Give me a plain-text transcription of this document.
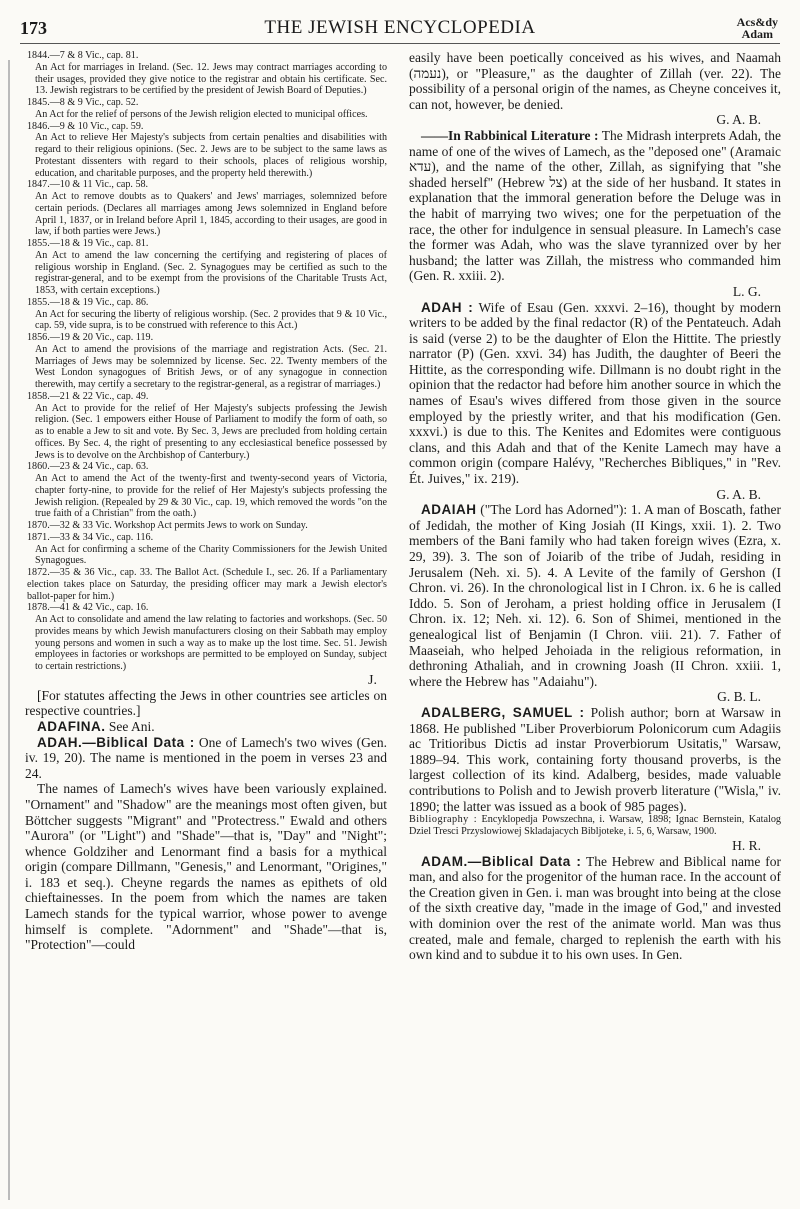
173	THE JEWISH ENCYCLOPEDIA	Acs&dy
Adam
1844.—7 & 8 Vic., cap. 81.
An Act for marriages in Ireland. (Sec. 12. Jews may contract marriages according to their usages, provided they give notice to the registrar and obtain his certificate. Sec. 13. Jewish registrars to be certified by the president of Jewish Board of Deputies.)
1845.—8 & 9 Vic., cap. 52.
An Act for the relief of persons of the Jewish religion elected to municipal offices.
1846.—9 & 10 Vic., cap. 59.
An Act to relieve Her Majesty's subjects from certain penalties and disabilities with regard to their religious opinions. (Sec. 2. Jews are to be subject to the same laws as Protestant dissenters with regard to their schools, places of religious worship, education, and charitable purposes, and the property held therewith.)
1847.—10 & 11 Vic., cap. 58.
An Act to remove doubts as to Quakers' and Jews' marriages, solemnized before certain periods. (Declares all marriages among Jews solemnized in England before April 1, 1837, or in Ireland before April 1, 1845, according to their usages, are good in law, if both parties were Jews.)
1855.—18 & 19 Vic., cap. 81.
An Act to amend the law concerning the certifying and registering of places of religious worship in England. (Sec. 2. Synagogues may be certified as such to the registrar-general, and to be exempt from the provisions of the Charitable Trusts Act, 1853, with certain exceptions.)
1855.—18 & 19 Vic., cap. 86.
An Act for securing the liberty of religious worship. (Sec. 2 provides that 9 & 10 Vic., cap. 59, vide supra, is to be construed with reference to this Act.)
1856.—19 & 20 Vic., cap. 119.
An Act to amend the provisions of the marriage and registration Acts. (Sec. 21. Marriages of Jews may be solemnized by license. Sec. 22. Twenty members of the West London synagogues of British Jews, or of any synagogue in connection therewith, may certify a secretary to the registrar-general, as a registrar of marriages.)
1858.—21 & 22 Vic., cap. 49.
An Act to provide for the relief of Her Majesty's subjects professing the Jewish religion. (Sec. 1 empowers either House of Parliament to modify the form of oath, so as to enable a Jew to sit and vote. By Sec. 3, Jews are precluded from holding certain offices. By Sec. 4, the right of presenting to any ecclesiastical benefice possessed by Jews is to devolve on the Archbishop of Canterbury.)
1860.—23 & 24 Vic., cap. 63.
An Act to amend the Act of the twenty-first and twenty-second years of Victoria, chapter forty-nine, to provide for the relief of Her Majesty's subjects professing the Jewish religion. (Repealed by 29 & 30 Vic., cap. 19, which removed the words "on the true faith of a Christian" from the oath.)
1870.—32 & 33 Vic. Workshop Act permits Jews to work on Sunday.
1871.—33 & 34 Vic., cap. 116.
An Act for confirming a scheme of the Charity Commissioners for the Jewish United Synagogues.
1872.—35 & 36 Vic., cap. 33. The Ballot Act. (Schedule I., sec. 26. If a Parliamentary election takes place on Saturday, the presiding officer may mark a Jewish elector's ballot-paper for him.)
1878.—41 & 42 Vic., cap. 16.
An Act to consolidate and amend the law relating to factories and workshops. (Sec. 50 provides means by which Jewish manufacturers closing on their Sabbath may employ young persons and women in such a way as to make up the lost time. Sec. 51. Jewish employees in factories or workshops are permitted to be employed on Sunday, subject to certain restrictions.)
J.

[For statutes affecting the Jews in other countries see articles on respective countries.]

ADAFINA. See Ani.

ADAH.—Biblical Data : One of Lamech's two wives (Gen. iv. 19, 20). The name is mentioned in the poem in verses 23 and 24.

The names of Lamech's wives have been variously explained. "Ornament" and "Shadow" are the meanings most often given, but Böttcher suggests "Migrant" and "Protectress." Ewald and others "Aurora" (or "Light") and "Shade"—that is, "Day" and "Night"; whence Goldziher and Lenormant find a basis for a mythical origin (compare Dillmann, "Genesis," and Lenormant, "Origines," i. 183 et seq.). Cheyne regards the names as epithets of old chieftainesses. In the poem from which the names are taken Lamech stands for the typical warrior, whose power to avenge himself is complete. "Adornment" and "Shade"—that is, "Protection"—could

easily have been poetically conceived as his wives, and Naamah (נעמה), or "Pleasure," as the daughter of Zillah (ver. 22). The possibility of a personal origin of the names, as Cheyne conceives it, can not, however, be denied.

G. A. B.

——In Rabbinical Literature : The Midrash interprets Adah, the name of one of the wives of Lamech, as the "deposed one" (Aramaic עדא), and the name of the other, Zillah, as signifying that "she shaded herself" (Hebrew צל) at the side of her husband. It states in explanation that the immoral generation before the Deluge was in the habit of marrying two wives; one for the perpetuation of the race, the other for indulgence in sensual pleasure. In Lamech's case the former was Adah, who was the slave tyrannized over by her husband; the latter was Zillah, the mistress who commanded him (Gen. R. xxiii. 2).

L. G.

ADAH : Wife of Esau (Gen. xxxvi. 2–16), thought by modern writers to be added by the final redactor (R) of the Pentateuch. Adah is said (verse 2) to be the daughter of Elon the Hittite. The priestly narrator (P) (Gen. xxvi. 34) has Judith, the daughter of Beeri the Hittite, as the corresponding wife. Dillmann is no doubt right in the opinion that the redactor had before him another source in which the names of Esau's wives differed from those given in the source employed by the priestly writer, and that his modification (Gen. xxxvi.) is due to this. The Kenites and Edomites were contiguous clans, and this Adah and that of the Kenite Lamech may have a common origin (compare Halévy, "Recherches Bibliques," in "Rev. Ét. Juives," ix. 219).

G. A. B.

ADAIAH ("The Lord has Adorned"): 1. A man of Boscath, father of Jedidah, the mother of King Josiah (II Kings, xxii. 1). 2. Two members of the Bani family who had taken foreign wives (Ezra, x. 29, 39). 3. The son of Joiarib of the tribe of Judah, residing in Jerusalem (Neh. xi. 5). 4. A Levite of the family of Gershon (I Chron. vi. 26). In the chronological list in I Chron. ix. 6 he is called Iddo. 5. Son of Jeroham, a priest holding office in Jerusalem (I Chron. ix. 12; Neh. xi. 12). 6. Son of Shimei, mentioned in the genealogical list of Benjamin (I Chron. viii. 21). 7. Father of Maaseiah, who helped Jehoiada in the religious reformation, in dethroning Athaliah, and in crowning Joash (II Chron. xxiii. 1, where the Hebrew has "Adaiahu").

G. B. L.

ADALBERG, SAMUEL : Polish author; born at Warsaw in 1868. He published "Liber Proverbiorum Polonicorum cum Adagiis ac Tritioribus Dictis ad instar Proverbiorum Usitatis," Warsaw, 1889–94. This work, containing forty thousand proverbs, is the largest collection of its kind. Adalberg, besides, made valuable contributions to Polish and to Jewish proverb literature ("Wisla," iv. 1890; the latter was issued as a book of 985 pages).

Bibliography : Encyklopedja Powszechna, i. Warsaw, 1898; Ignac Bernstein, Katalog Dziel Tresci Przyslowiowej Skladajacych Bibljoteke, i. 5, 6, Warsaw, 1900.

H. R.

ADAM.—Biblical Data : The Hebrew and Biblical name for man, and also for the progenitor of the human race. In the account of the Creation given in Gen. i. man was brought into being at the close of the sixth creative day, "made in the image of God," and invested with dominion over the rest of the animate world. Man was thus created, male and female, charged to replenish the earth with his own kind and to subdue it to his own uses. In Gen.
